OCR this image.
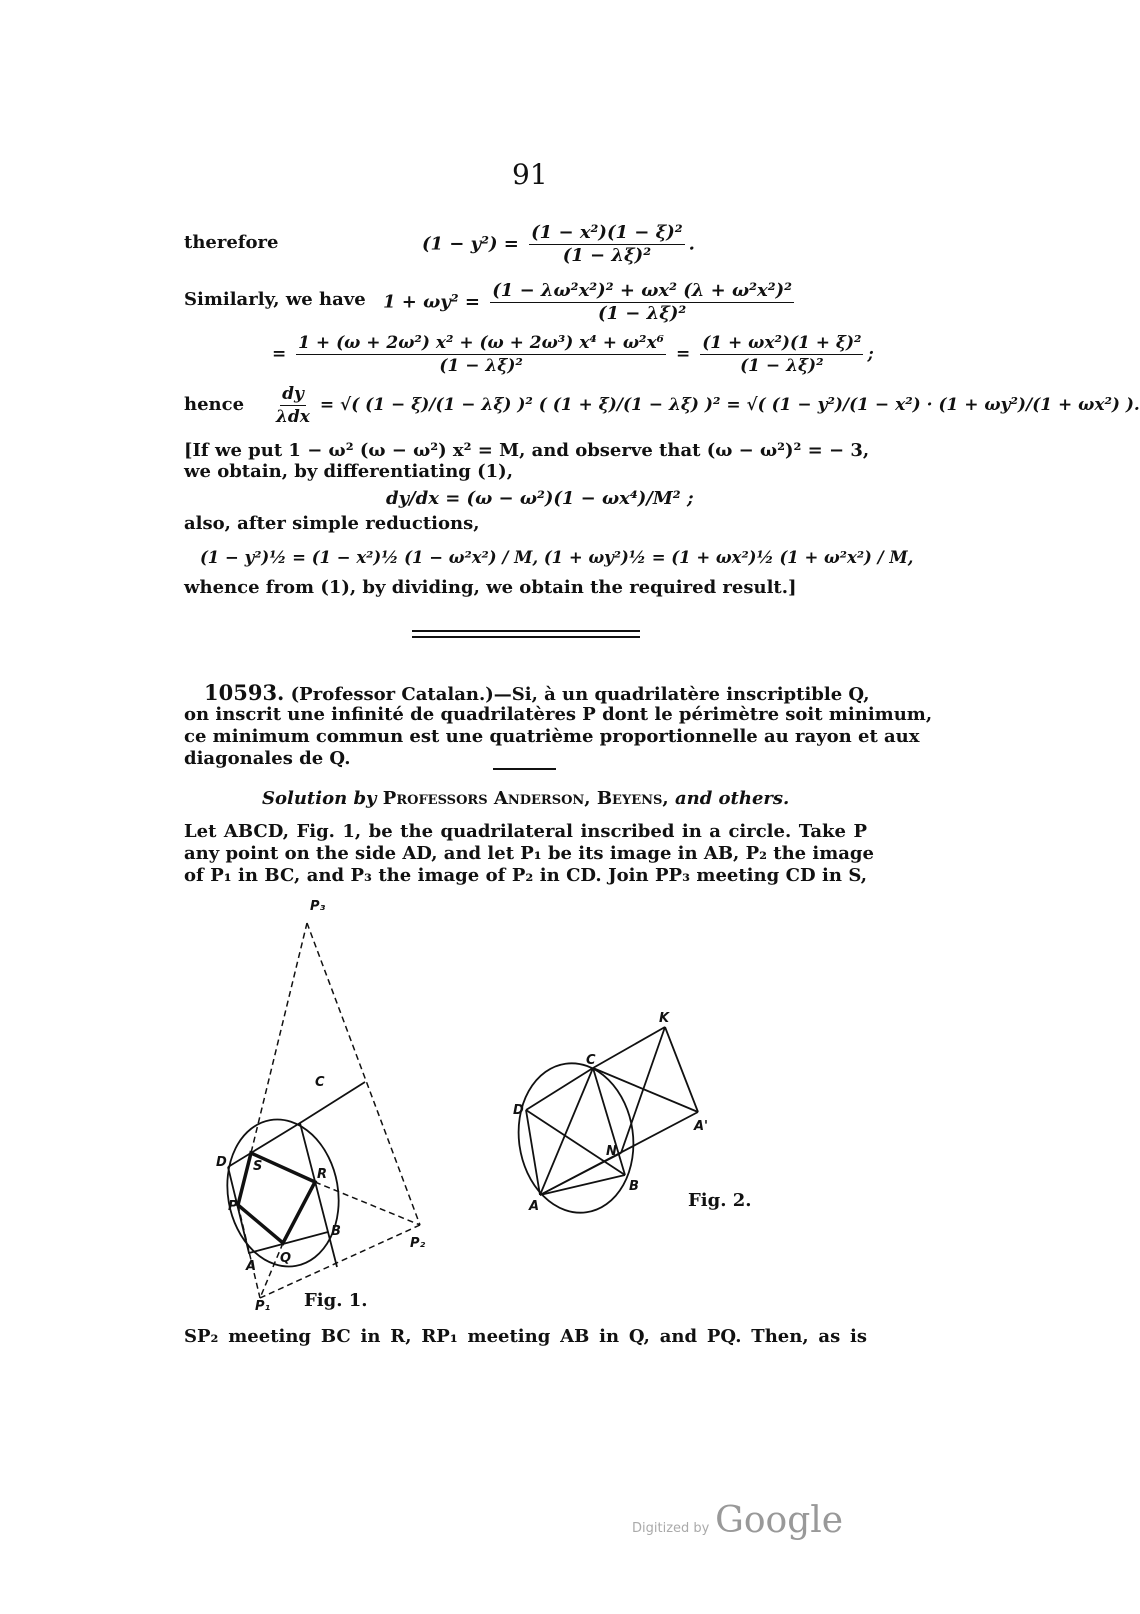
91
therefore	$(1 - y^2) = \frac{\text{(1 − x²)(1 − ξ)²}}{\text{(1 − λξ)²}}$ .
Similarly, we have $1 + \omega y^2 = \frac{\text{(1 − λω²x²)² + ωx² (λ + ω²x²)²}}{\text{(1 − λξ)²}}$
= $\frac{\text{1 + (ω + 2ω²) x² + (ω + 2ω³) x⁴ + ω²x⁶}}{\text{(1 − λξ)²}} = \frac{\text{(1 + ωx²)(1 + ξ)²}}{\text{(1 − λξ)²}}$ ;
hence $\frac{dy}{\text{λdx}}$ = √( (1 − ξ)/(1 − λξ) )² ( (1 + ξ)/(1 − λξ) )² = √( (1 − y²)/(1 − x²) · (1 + ωy²)/(1 + ωx²) ).
[If we put 1 − ω² (ω − ω²) x² = M, and observe that (ω − ω²)² = − 3,
we obtain, by differentiating (1),
dy/dx = (ω − ω²)(1 − ωx⁴)/M² ;
also, after simple reductions,
(1 − y²)½ = (1 − x²)½ (1 − ω²x²) / M, (1 + ωy²)½ = (1 + ωx²)½ (1 + ω²x²) / M,
whence from (1), by dividing, we obtain the required result.]
10593. (Professor Catalan.)—Si, à un quadrilatère inscriptible Q,
on inscrit une infinité de quadrilatères P dont le périmètre soit minimum,
ce minimum commun est une quatrième proportionnelle au rayon et aux
diagonales de Q.
Solution by Professors Anderson, Beyens, and others.
Let ABCD, Fig. 1, be the quadrilateral inscribed in a circle. Take P
any point on the side AD, and let P₁ be its image in AB, P₂ the image
of P₁ in BC, and P₃ the image of P₂ in CD. Join PP₃ meeting CD in S,
P₃
C
D S
R
P
Q
B
A
P₂
P₁
K
C
D
A'
N
B
A	Fig. 2.
Fig. 1.
SP₂ meeting BC in R, RP₁ meeting AB in Q, and PQ. Then, as is
Digitized by Google
